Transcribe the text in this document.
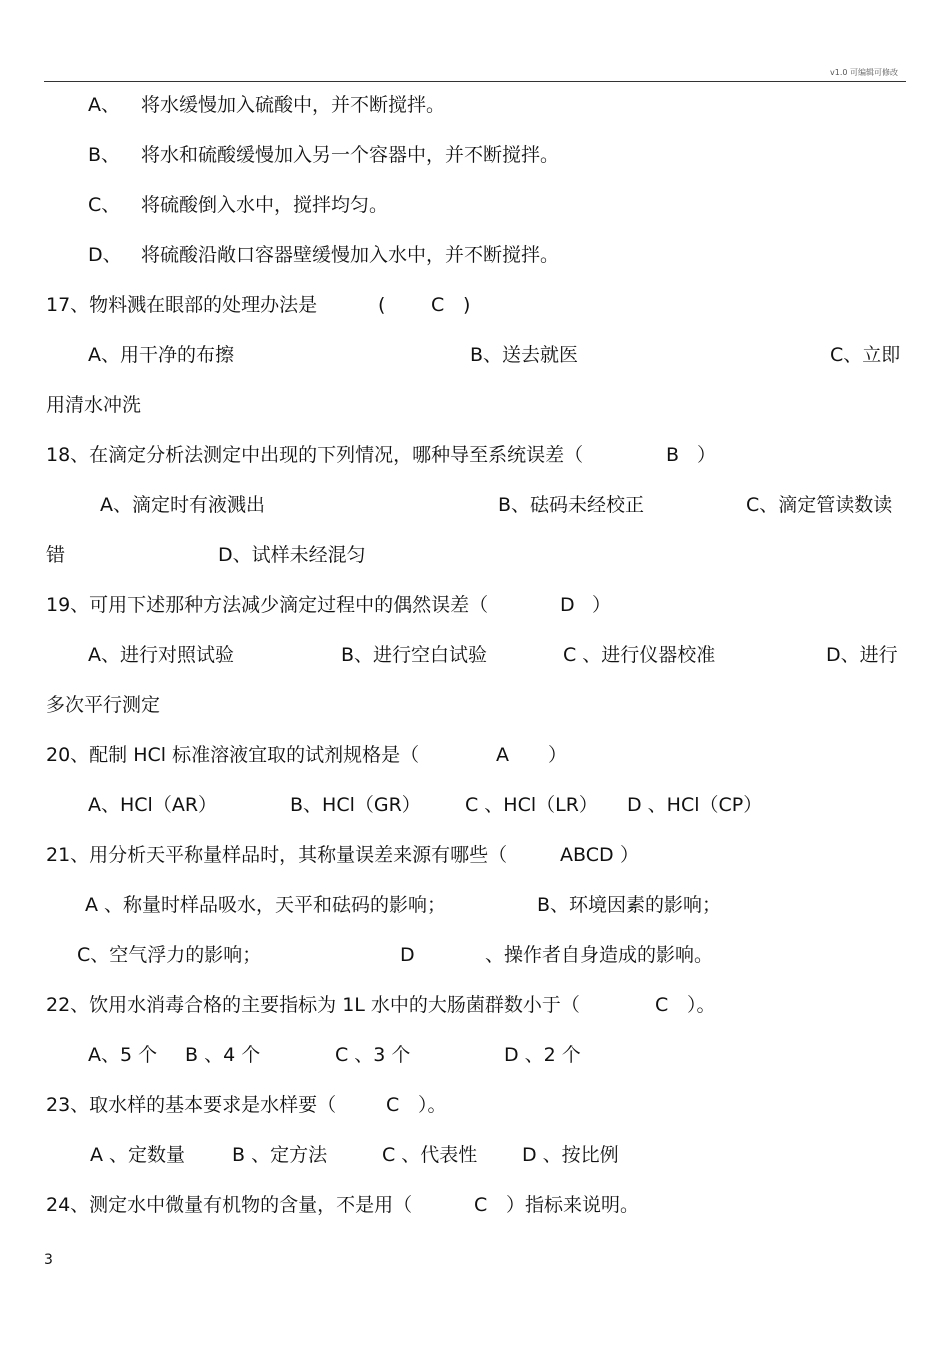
v1.0 可编辑可修改
A、 将水缓慢加入硫酸中，并不断搅拌。
B、 将水和硫酸缓慢加入另一个容器中，并不断搅拌。
C、 将硫酸倒入水中，搅拌均匀。
D、 将硫酸沿敞口容器壁缓慢加入水中，并不断搅拌。
17、物料溅在眼部的处理办法是	( C )
A、用干净的布擦	B、送去就医	C、立即
用清水冲洗
18、在滴定分析法测定中出现的下列情况，哪种导至系统误差（	B ）
A、滴定时有液溅出	B、砝码未经校正	C、滴定管读数读
错	D、试样未经混匀
19、可用下述那种方法减少滴定过程中的偶然误差（	D ）
A、进行对照试验	B、进行空白试验	C 、进行仪器校准	D、进行
多次平行测定
20、配制 HCl 标准溶液宜取的试剂规格是（	A ）
A、HCl（AR）	B、HCl（GR） C 、HCl（LR） D 、HCl（CP）
21、用分析天平称量样品时，其称量误差来源有哪些（	ABCD ）
A 、称量时样品吸水，天平和砝码的影响；	B、环境因素的影响；
C、空气浮力的影响；	D	、操作者自身造成的影响。
22、饮用水消毒合格的主要指标为 1L 水中的大肠菌群数小于（	C ）。
A、5 个 B 、4 个	C 、3 个	D 、2 个
23、取水样的基本要求是水样要（	C ）。
A 、定数量 B 、定方法	C 、代表性 D 、按比例
24、测定水中微量有机物的含量，不是用（	C ）指标来说明。
3
